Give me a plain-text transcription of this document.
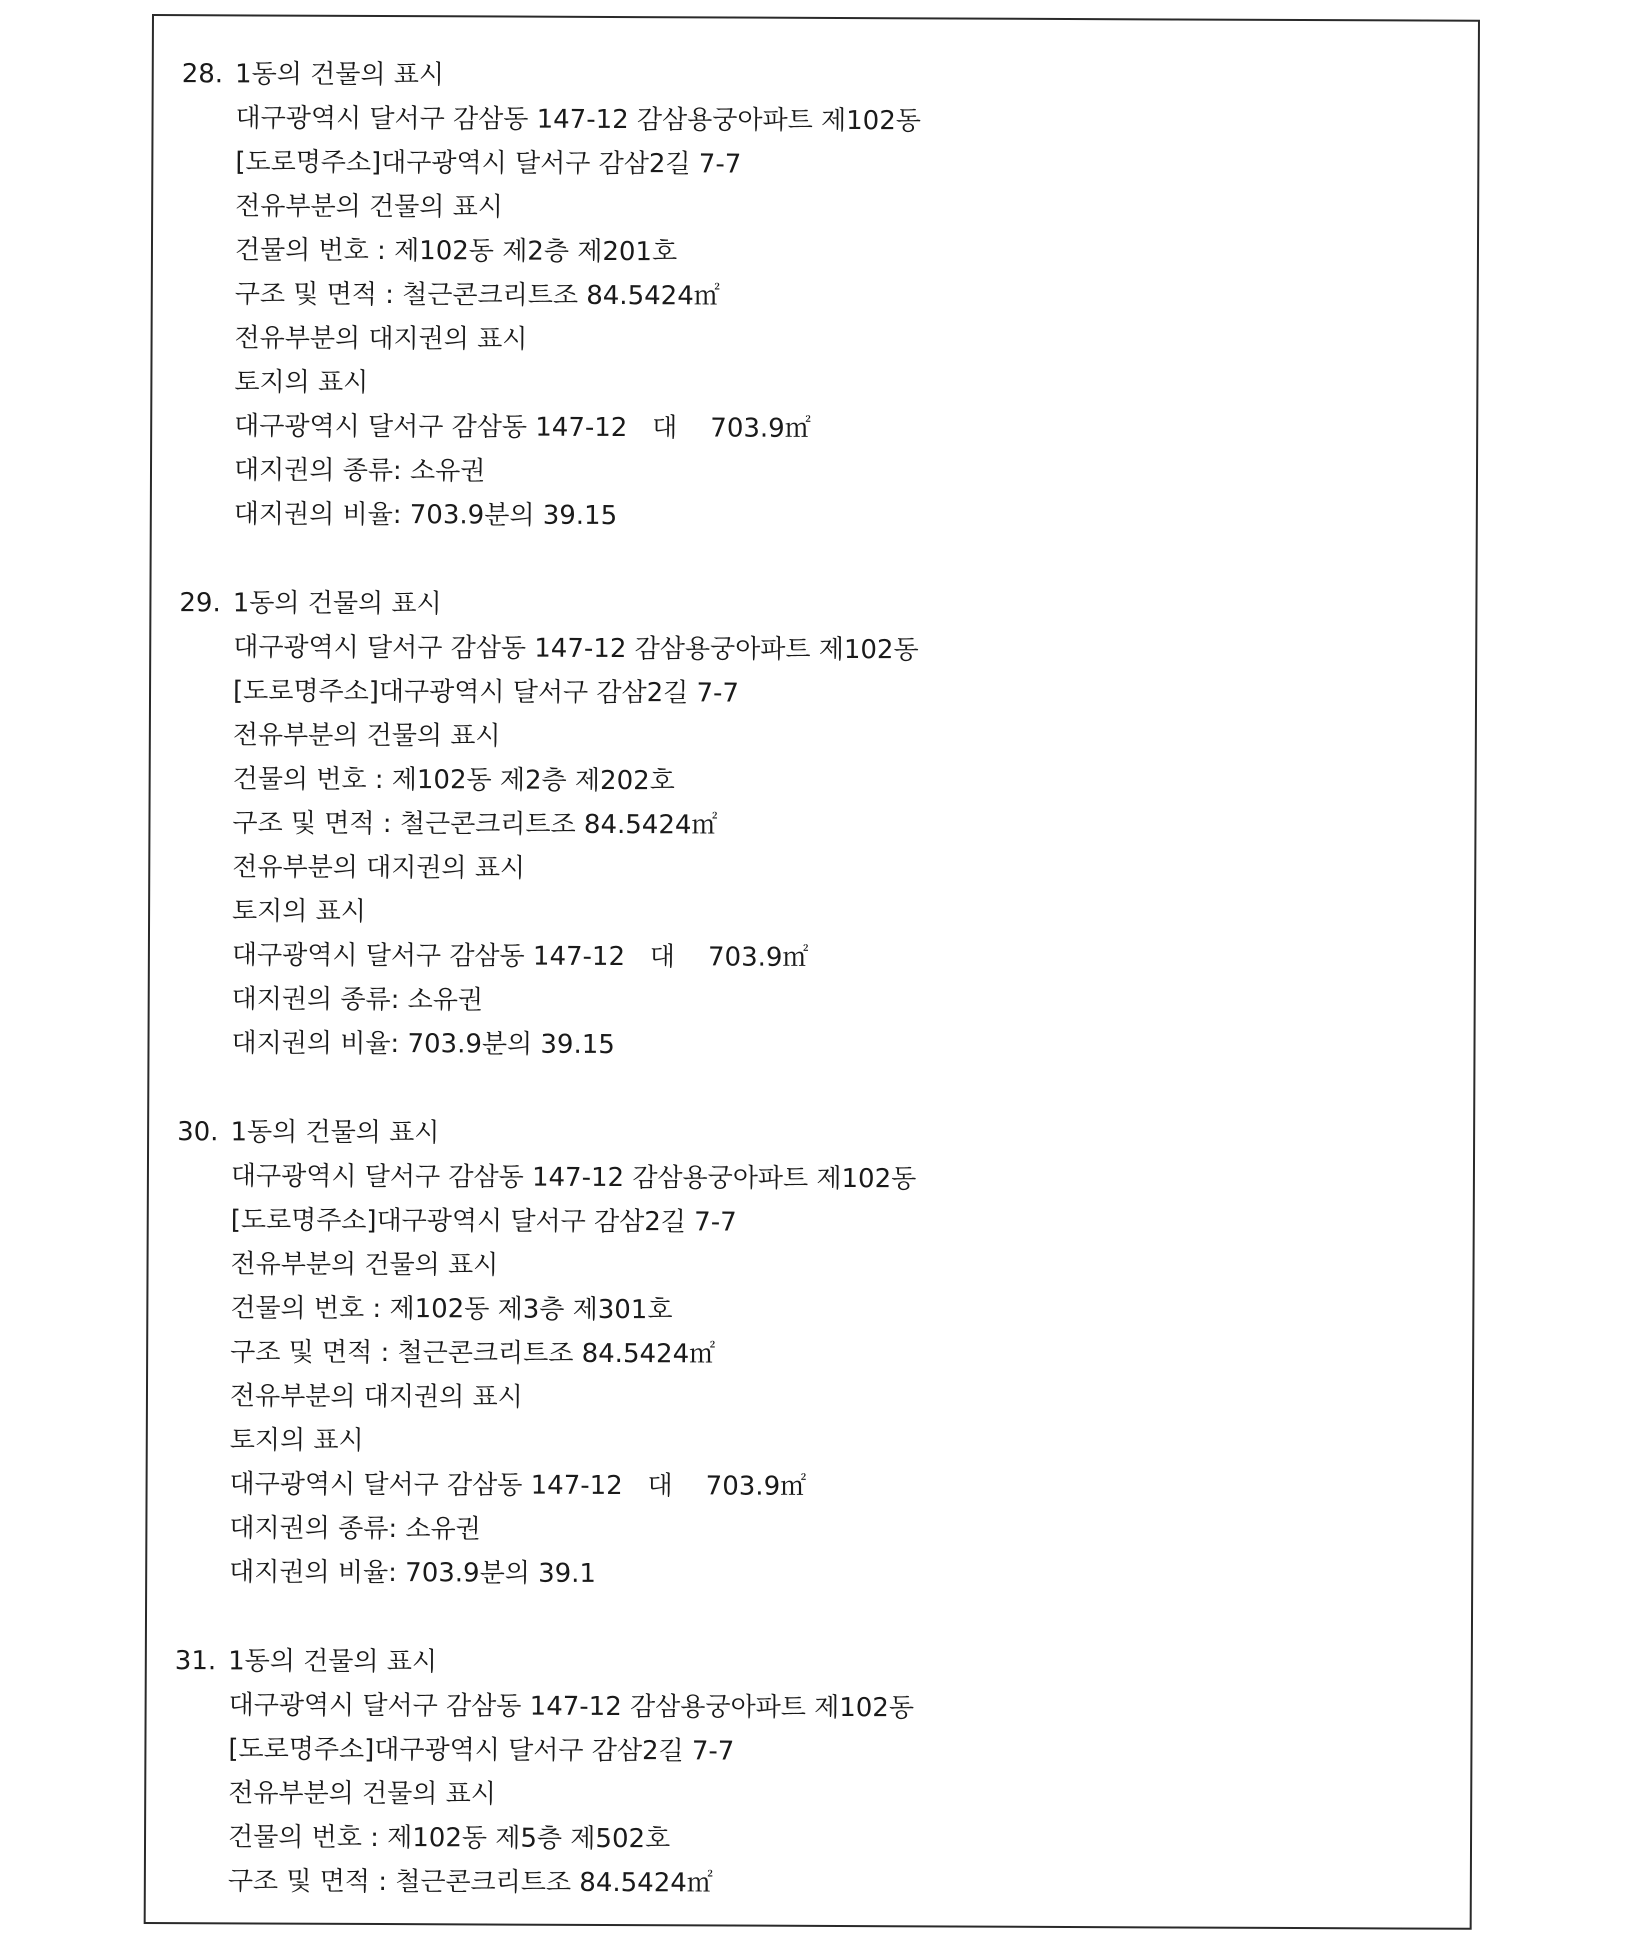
28. 1동의 건물의 표시
대구광역시 달서구 감삼동 147-12 감삼용궁아파트 제102동
[도로명주소]대구광역시 달서구 감삼2길 7-7
전유부분의 건물의 표시
건물의 번호 : 제102동 제2층 제201호
구조 및 면적 : 철근콘크리트조 84.5424㎡
전유부분의 대지권의 표시
토지의 표시
대구광역시 달서구 감삼동 147-12   대    703.9㎡
대지권의 종류: 소유권
대지권의 비율: 703.9분의 39.15
29. 1동의 건물의 표시
대구광역시 달서구 감삼동 147-12 감삼용궁아파트 제102동
[도로명주소]대구광역시 달서구 감삼2길 7-7
전유부분의 건물의 표시
건물의 번호 : 제102동 제2층 제202호
구조 및 면적 : 철근콘크리트조 84.5424㎡
전유부분의 대지권의 표시
토지의 표시
대구광역시 달서구 감삼동 147-12   대    703.9㎡
대지권의 종류: 소유권
대지권의 비율: 703.9분의 39.15
30. 1동의 건물의 표시
대구광역시 달서구 감삼동 147-12 감삼용궁아파트 제102동
[도로명주소]대구광역시 달서구 감삼2길 7-7
전유부분의 건물의 표시
건물의 번호 : 제102동 제3층 제301호
구조 및 면적 : 철근콘크리트조 84.5424㎡
전유부분의 대지권의 표시
토지의 표시
대구광역시 달서구 감삼동 147-12   대    703.9㎡
대지권의 종류: 소유권
대지권의 비율: 703.9분의 39.1
31. 1동의 건물의 표시
대구광역시 달서구 감삼동 147-12 감삼용궁아파트 제102동
[도로명주소]대구광역시 달서구 감삼2길 7-7
전유부분의 건물의 표시
건물의 번호 : 제102동 제5층 제502호
구조 및 면적 : 철근콘크리트조 84.5424㎡
